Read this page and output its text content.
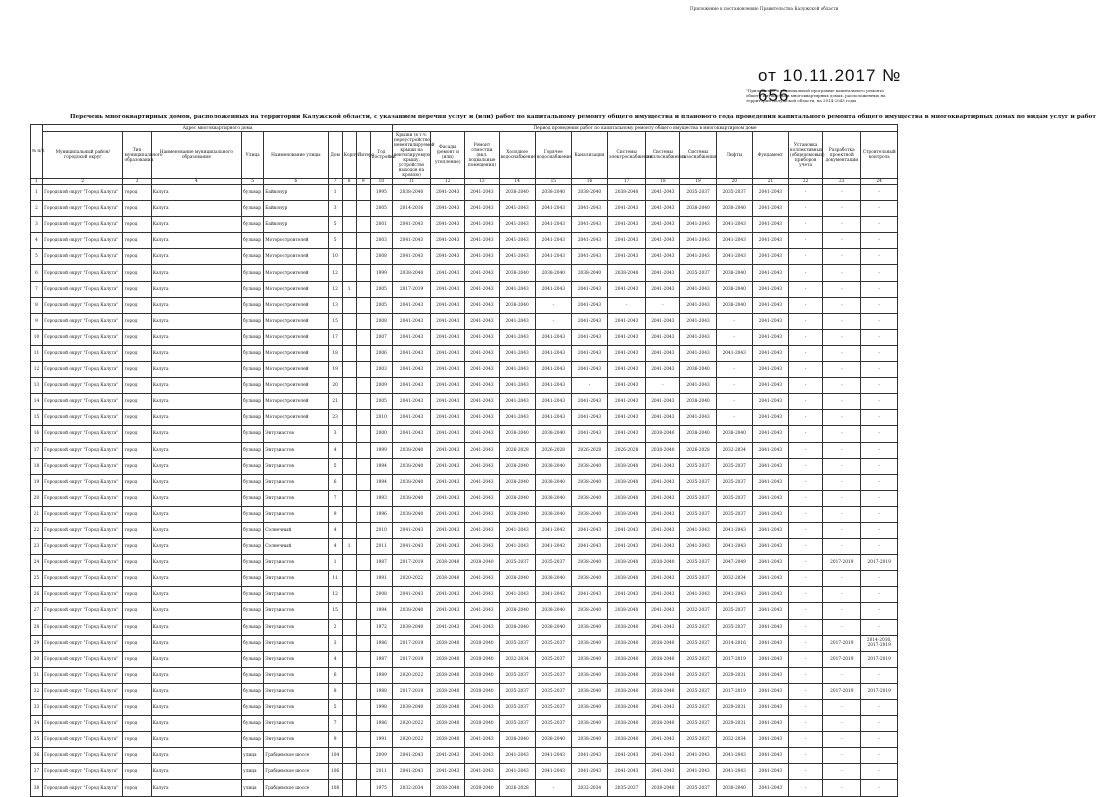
Приложение к постановлению Правительства Калужской области
от 10.11.2017 № 656
"Приложение к региональной программе капитального ремонта общего имущества в многоквартирных домах, расположенных на территории Калужской области, на 2014-2043 годы
Перечень многоквартирных домов, расположенных на территории Калужской области, с указанием перечня услуг и (или) работ по капитальному ремонту общего имущества и планового года проведения капитального ремонта общего имущества в многоквартирных домах по видам услуг и работ
№ п/п	Адрес многоквартирного дома									Период проведения работ по капитальному ремонту общего имущества в многоквартирном доме													
	Муниципальный район/городской округ	Тип муниципального образования	Наименование муниципального образования	Улица	Наименование улицы	Дом	Корпус	Литера	Год постройки	Крыши (в т.ч. переустройство невентилируемой крыши на вентилируемую крышу, устройство выходов на кровлю)	Фасады (ремонт и (или) утепление)	Ремонт отмостки (вкл. подвальные помещения)	Холодное водоснабжение	Горячее водоснабжение	Канализация	Системы электроснабжения	Системы теплоснабжения	Системы газоснабжения	Лифты	Фундамент	Установка коллективных (общедомовых) приборов учета	Разработка проектной документации	Строительный контроль
1	2	3	4	5	6	7	8	9	10	11	12	13	14	15	16	17	18	19	20	21	22	23	24
1	Городской округ "Город Калуга"	город	Калуга	бульвар	Байконур	1			1995	2038-2040	2041-2043	2041-2043	2038-2040	2038-2040	2038-2040	2038-2040	2041-2043	2035-2037	2035-2037	2041-2043	-	-	-
2	Городской округ "Город Калуга"	город	Калуга	бульвар	Байконур	3			2005	2014-2016	2041-2043	2041-2043	2041-2043	2041-2043	2041-2043	2041-2043	2041-2043	2038-2040	2038-2040	2041-2043	-	-	-
3	Городской округ "Город Калуга"	город	Калуга	бульвар	Байконур	5			2001	2041-2043	2041-2043	2041-2043	2041-2043	2041-2043	2041-2043	2041-2043	2041-2043	2041-2043	2041-2043	2041-2043	-	-	-
4	Городской округ "Город Калуга"	город	Калуга	бульвар	Моторостроителей	5			2003	2041-2043	2041-2043	2041-2043	2041-2043	2041-2043	2041-2043	2041-2043	2041-2043	2041-2043	2041-2043	2041-2043	-	-	-
5	Городской округ "Город Калуга"	город	Калуга	бульвар	Моторостроителей	10			2008	2041-2043	2041-2043	2041-2043	2041-2043	2041-2043	2041-2043	2041-2043	2041-2043	2041-2043	2041-2043	2041-2043	-	-	-
6	Городской округ "Город Калуга"	город	Калуга	бульвар	Моторостроителей	12			1999	2038-2040	2041-2043	2041-2043	2038-2040	2038-2040	2038-2040	2038-2040	2041-2043	2035-2037	2038-2040	2041-2043	-	-	-
7	Городской округ "Город Калуга"	город	Калуга	бульвар	Моторостроителей	12	1		2005	2017-2019	2041-2043	2041-2043	2041-2043	2041-2043	2041-2043	2041-2043	2041-2043	2041-2043	2038-2040	2041-2043	-	-	-
8	Городской округ "Город Калуга"	город	Калуга	бульвар	Моторостроителей	13			2005	2041-2043	2041-2043	2041-2043	2038-2040	-	2041-2043	-	-	2041-2043	2038-2040	2041-2043	-	-	-
9	Городской округ "Город Калуга"	город	Калуга	бульвар	Моторостроителей	15			2008	2041-2043	2041-2043	2041-2043	2041-2043	-	2041-2043	2041-2043	2041-2043	2041-2043	-	2041-2043	-	-	-
10	Городской округ "Город Калуга"	город	Калуга	бульвар	Моторостроителей	17			2007	2041-2043	2041-2043	2041-2043	2041-2043	2041-2043	2041-2043	2041-2043	2041-2043	2041-2043	-	2041-2043	-	-	-
11	Городской округ "Город Калуга"	город	Калуга	бульвар	Моторостроителей	18			2006	2041-2043	2041-2043	2041-2043	2041-2043	2041-2043	2041-2043	2041-2043	2041-2043	2041-2043	2041-2043	2041-2043	-	-	-
12	Городской округ "Город Калуга"	город	Калуга	бульвар	Моторостроителей	19			2003	2041-2043	2041-2043	2041-2043	2041-2043	2041-2043	2041-2043	2041-2043	2041-2043	2036-2040	-	2041-2043	-	-	-
13	Городской округ "Город Калуга"	город	Калуга	бульвар	Моторостроителей	20			2009	2041-2043	2041-2043	2041-2043	2041-2043	2041-2043	-	2041-2043	-	2041-2043	-	2041-2043	-	-	-
14	Городской округ "Город Калуга"	город	Калуга	бульвар	Моторостроителей	21			2005	2041-2043	2041-2043	2041-2043	2041-2043	2041-2043	2041-2043	2041-2043	2041-2043	2038-2040	-	2041-2043	-	-	-
15	Городской округ "Город Калуга"	город	Калуга	бульвар	Моторостроителей	23			2010	2041-2043	2041-2043	2041-2043	2041-2043	2041-2043	2041-2043	2041-2043	2041-2043	2041-2043	-	2041-2043	-	-	-
16	Городской округ "Город Калуга"	город	Калуга	бульвар	Энтузиастов	3			2000	2041-2043	2041-2043	2041-2043	2038-2040	2038-2040	2041-2043	2041-2043	2038-2040	2038-2040	2038-2040	2041-2043	-	-	-
17	Городской округ "Город Калуга"	город	Калуга	бульвар	Энтузиастов	4			1999	2038-2040	2041-2043	2041-2043	2026-2028	2026-2028	2026-2028	2026-2028	2038-2040	2026-2028	2032-2034	2041-2043	-	-	-
18	Городской округ "Город Калуга"	город	Калуга	бульвар	Энтузиастов	5			1994	2038-2040	2041-2043	2041-2043	2038-2040	2038-2040	2038-2040	2038-2040	2041-2043	2035-2037	2035-2037	2041-2043	-	-	-
19	Городской округ "Город Калуга"	город	Калуга	бульвар	Энтузиастов	6			1994	2038-2040	2041-2043	2041-2043	2038-2040	2038-2040	2038-2040	2038-2040	2041-2043	2035-2037	2035-2037	2041-2043	-	-	-
20	Городской округ "Город Калуга"	город	Калуга	бульвар	Энтузиастов	7			1993	2038-2040	2041-2043	2041-2043	2038-2040	2038-2040	2038-2040	2038-2040	2041-2043	2035-2037	2035-2037	2041-2043	-	-	-
21	Городской округ "Город Калуга"	город	Калуга	бульвар	Энтузиастов	9			1996	2038-2040	2041-2043	2041-2043	2038-2040	2038-2040	2038-2040	2038-2040	2041-2043	2035-2037	2035-2037	2041-2043	-	-	-
22	Городской округ "Город Калуга"	город	Калуга	бульвар	Солнечный	4			2010	2041-2043	2041-2043	2041-2043	2041-2043	2041-2043	2041-2043	2041-2043	2041-2043	2041-2043	2041-2043	2041-2043	-	-	-
23	Городской округ "Город Калуга"	город	Калуга	бульвар	Солнечный	4	1		2011	2041-2043	2041-2043	2041-2043	2041-2043	2041-2043	2041-2043	2041-2043	2041-2043	2041-2043	2041-2043	2041-2043	-	-	-
24	Городской округ "Город Калуга"	город	Калуга	бульвар	Энтузиастов	1			1987	2017-2019	2038-2040	2038-2040	2035-2037	2035-2037	2038-2040	2038-2040	2038-2040	2035-2037	2047-2049	2041-2043	-	2017-2019	2017-2019
25	Городской округ "Город Калуга"	город	Калуга	бульвар	Энтузиастов	11			1991	2020-2022	2038-2040	2041-2043	2038-2040	2038-2040	2038-2040	2038-2040	2041-2043	2035-2037	2032-2034	2041-2043	-	-	-
26	Городской округ "Город Калуга"	город	Калуга	бульвар	Энтузиастов	12			2008	2041-2043	2041-2043	2041-2043	2041-2043	2041-2043	2041-2043	2041-2043	2041-2043	2041-2043	2041-2043	2041-2043	-	-	-
27	Городской округ "Город Калуга"	город	Калуга	бульвар	Энтузиастов	15			1994	2038-2040	2041-2043	2041-2043	2038-2040	2038-2040	2038-2040	2038-2040	2041-2043	2032-2037	2035-2037	2041-2043	-	-	-
28	Городской округ "Город Калуга"	город	Калуга	бульвар	Энтузиастов	2			1972	2038-2040	2041-2043	2041-2043	2038-2040	2038-2040	2038-2040	2038-2040	2041-2043	2035-2037	2035-2037	2041-2043	-	-	-
29	Городской округ "Город Калуга"	город	Калуга	бульвар	Энтузиастов	3			1986	2017-2019	2038-2040	2038-2040	2035-2037	2035-2037	2038-2040	2038-2040	2038-2040	2035-2037	2014-2016	2041-2043	-	2017-2019	2014-2016, 2017-2019
30	Городской округ "Город Калуга"	город	Калуга	бульвар	Энтузиастов	4			1987	2017-2019	2038-2040	2038-2040	2032-2034	2035-2037	2038-2040	2038-2040	2038-2040	2035-2037	2017-2019	2041-2043	-	2017-2019	2017-2019
31	Городской округ "Город Калуга"	город	Калуга	бульвар	Энтузиастов	6			1989	2020-2022	2038-2040	2038-2040	2035-2037	2035-2037	2038-2040	2038-2040	2038-2040	2035-2037	2029-2031	2041-2043	-	-	-
32	Городской округ "Город Калуга"	город	Калуга	бульвар	Энтузиастов	8			1988	2017-2019	2038-2040	2038-2040	2035-2037	2035-2037	2038-2040	2038-2040	2038-2040	2035-2037	2017-2019	2041-2043	-	2017-2019	2017-2019
33	Городской округ "Город Калуга"	город	Калуга	бульвар	Энтузиастов	5			1998	2038-2040	2038-2040	2041-2043	2035-2037	2035-2037	2038-2040	2038-2040	2041-2043	2035-2037	2029-2031	2041-2043	-	-	-
34	Городской округ "Город Калуга"	город	Калуга	бульвар	Энтузиастов	7			1986	2020-2022	2038-2040	2038-2040	2035-2037	2035-2037	2038-2040	2038-2040	2038-2040	2035-2037	2029-2031	2041-2043	-	-	-
35	Городской округ "Город Калуга"	город	Калуга	бульвар	Энтузиастов	9			1991	2020-2022	2038-2040	2041-2043	2038-2040	2038-2040	2038-2040	2038-2040	2041-2043	2035-2037	2032-2034	2041-2043	-	-	-
36	Городской округ "Город Калуга"	город	Калуга	улица	Грабцевское шоссе	104			2009	2041-2043	2041-2043	2041-2043	2041-2043	2041-2043	2041-2043	2041-2043	2041-2043	2041-2043	2041-2043	2041-2043	-	-	-
37	Городской округ "Город Калуга"	город	Калуга	улица	Грабцевское шоссе	106			2011	2041-2043	2041-2043	2041-2043	2041-2043	2041-2043	2041-2043	2041-2043	2041-2043	2041-2043	2041-2043	2041-2043	-	-	-
38	Городской округ "Город Калуга"	город	Калуга	улица	Грабцевское шоссе	108			1975	2032-2034	2038-2040	2038-2040	2026-2028	-	2032-2034	2035-2037	2038-2040	2035-2037	2038-2040	2041-2043	-	-	-
